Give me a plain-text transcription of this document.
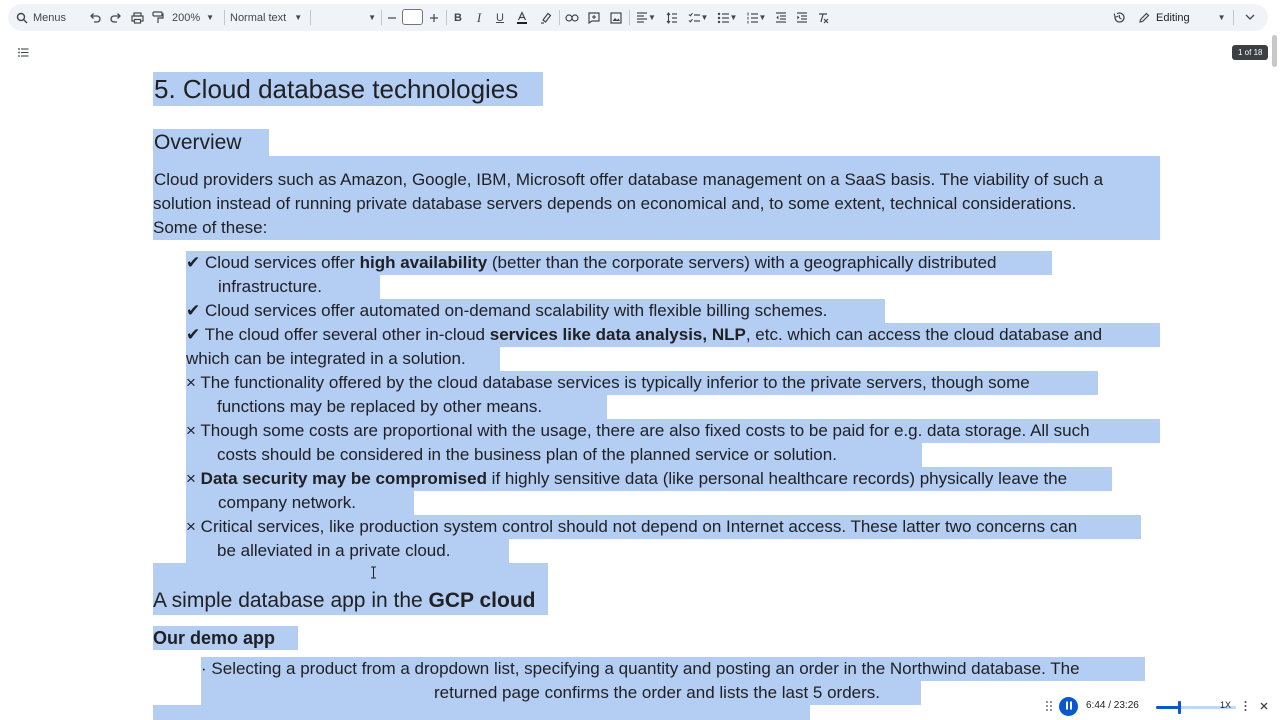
Menus	200% ▼ Normal text ▼	▼	B I U	▼	▼	▼	▼	Editing	▼
1 of 18
5. Cloud database technologies
Overview
Cloud providers such as Amazon, Google, IBM, Microsoft offer database management on a SaaS basis. The viability of such a
solution instead of running private database servers depends on economical and, to some extent, technical considerations.
Some of these:
✔ Cloud services offer high availability (better than the corporate servers) with a geographically distributed
infrastructure.
✔ Cloud services offer automated on-demand scalability with flexible billing schemes.
✔ The cloud offer several other in-cloud services like data analysis, NLP, etc. which can access the cloud database and
which can be integrated in a solution.
× The functionality offered by the cloud database services is typically inferior to the private servers, though some
functions may be replaced by other means.
× Though some costs are proportional with the usage, there are also fixed costs to be paid for e.g. data storage. All such
costs should be considered in the business plan of the planned service or solution.
× Data security may be compromised if highly sensitive data (like personal healthcare records) physically leave the
company network.
× Critical services, like production system control should not depend on Internet access. These latter two concerns can
be alleviated in a private cloud.
A simple database app in the GCP cloud
Our demo app
· Selecting a product from a dropdown list, specifying a quantity and posting an order in the Northwind database. The
returned page confirms the order and lists the last 5 orders.
6:44 / 23:26	1X
